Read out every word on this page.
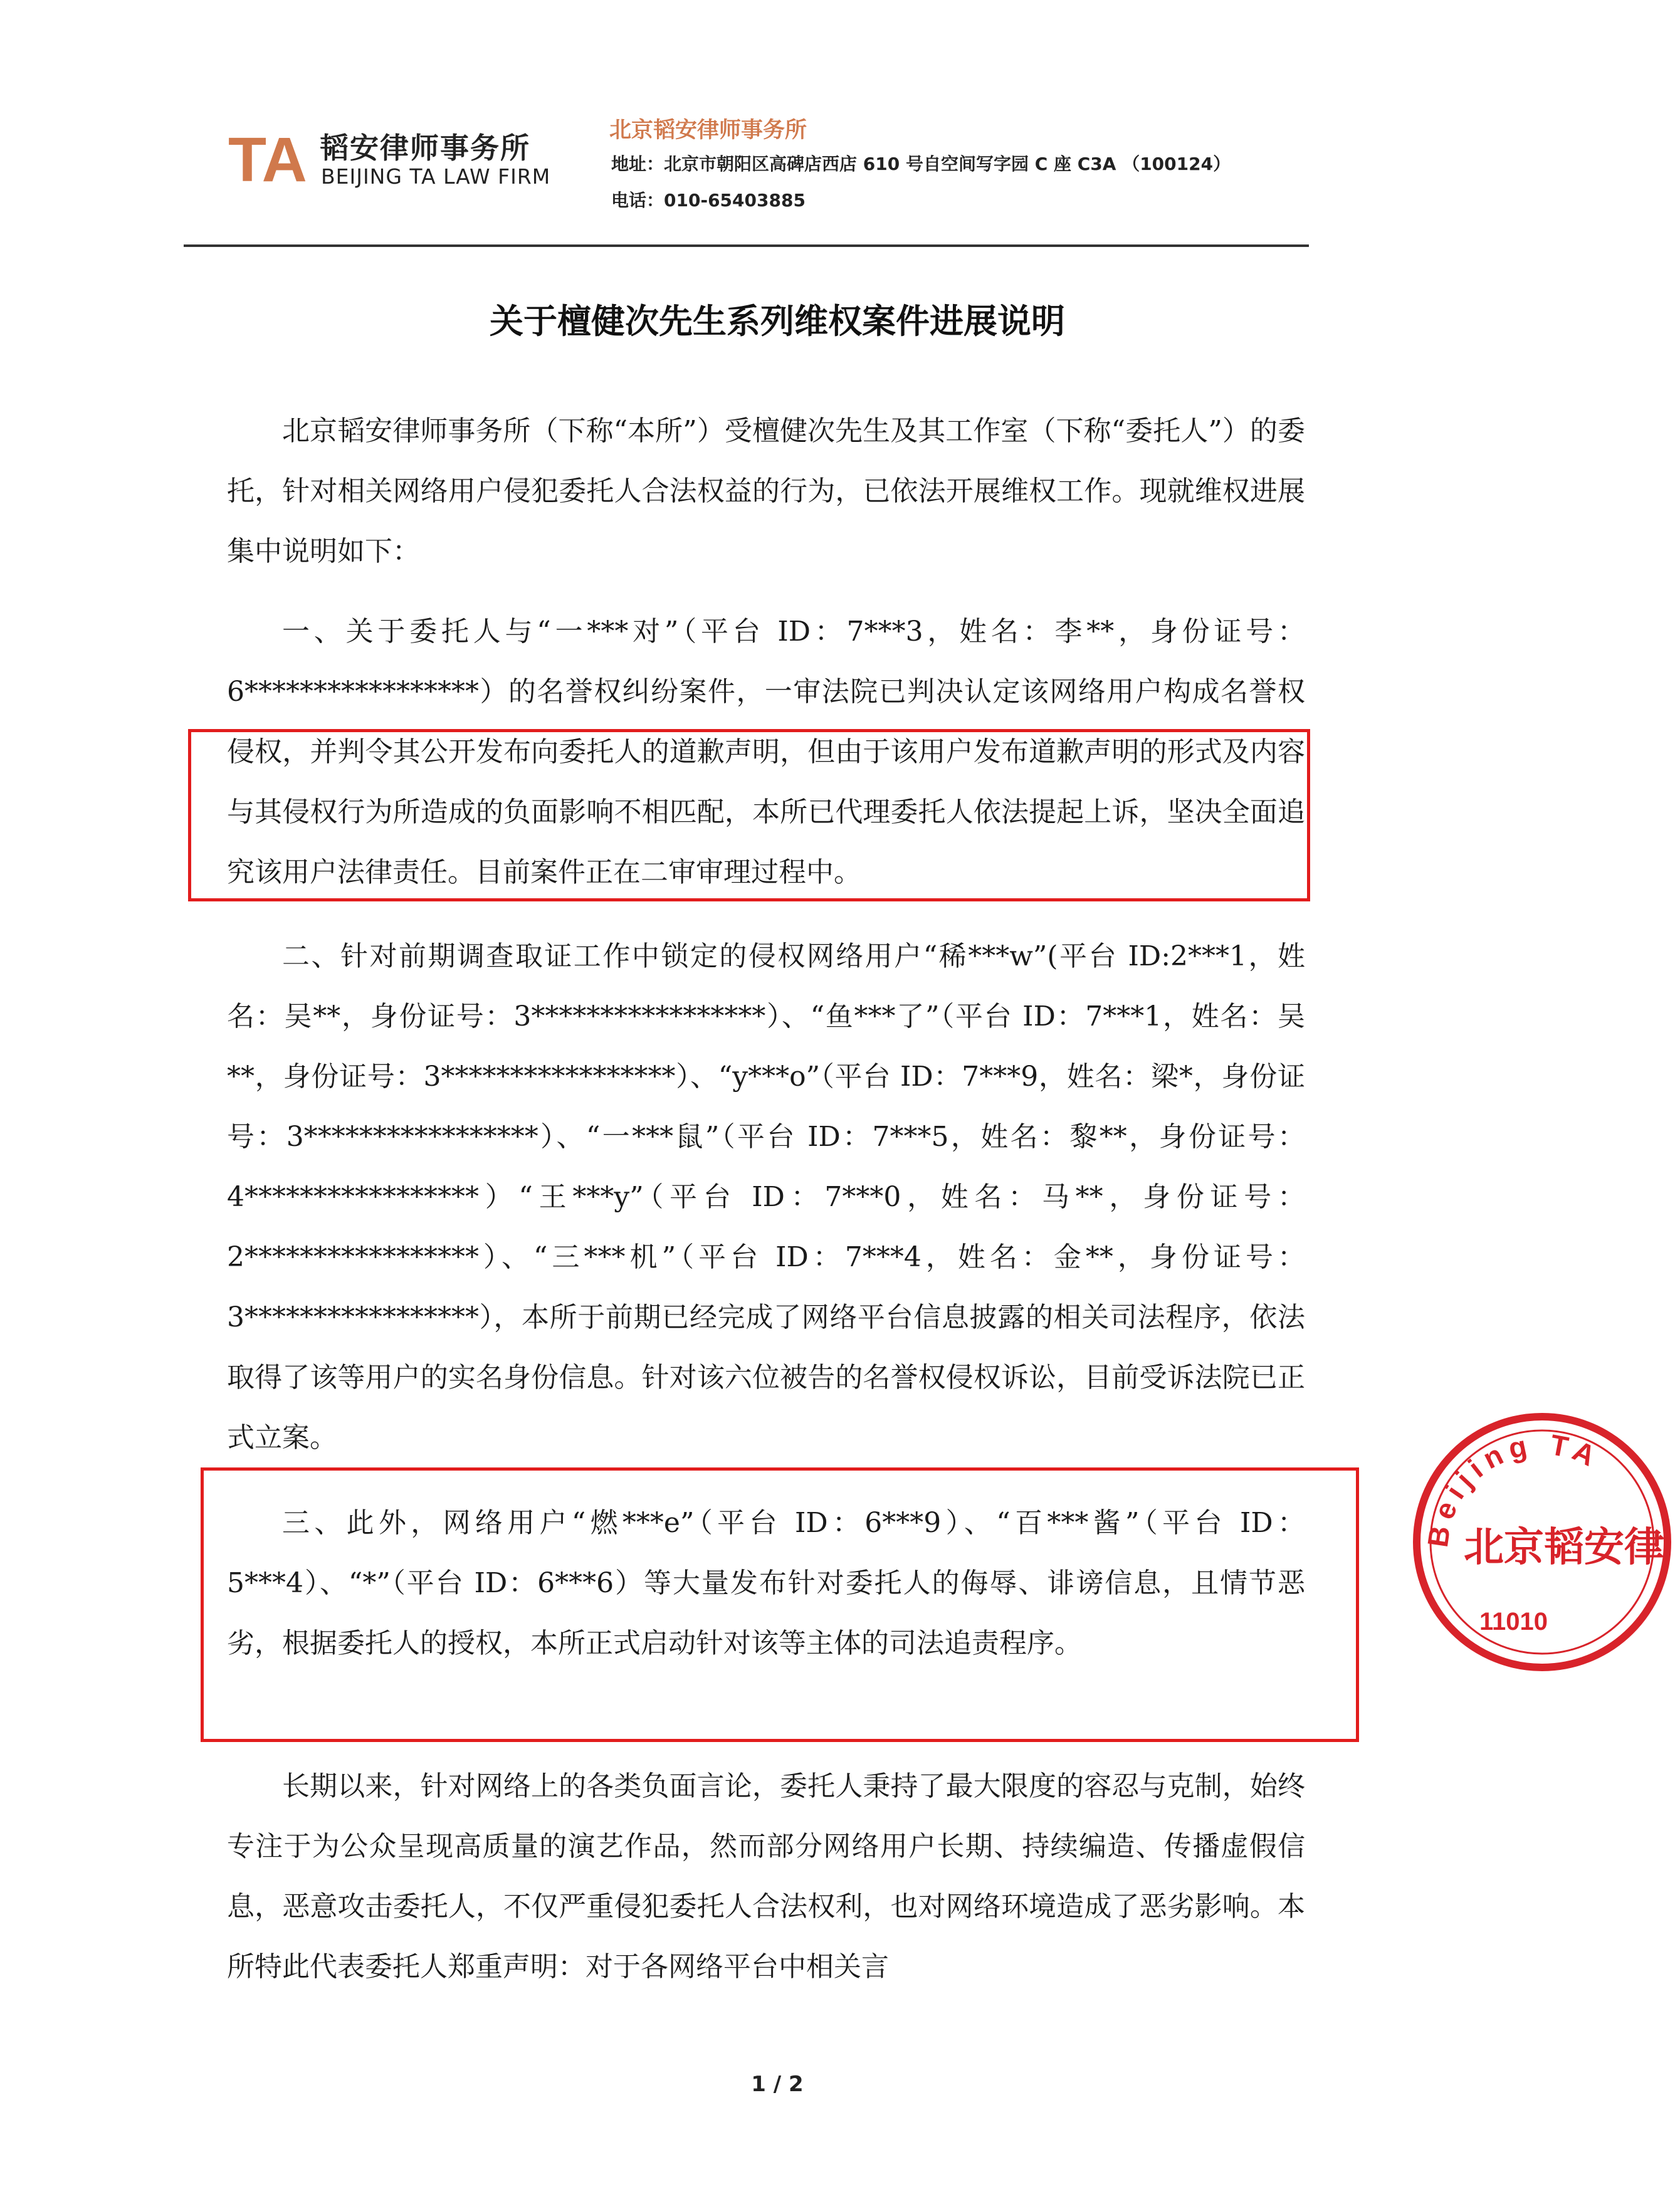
TA 韬安律师事务所
BEIJING TA LAW FIRM
北京韬安律师事务所
地址：北京市朝阳区高碑店西店 610 号自空间写字园 C 座 C3A （100124）
电话：010-65403885
关于檀健次先生系列维权案件进展说明

北京韬安律师事务所（下称“本所”）受檀健次先生及其工作室（下称“委托人”）的委托，针对相关网络用户侵犯委托人合法权益的行为，已依法开展维权工作。现就维权进展集中说明如下：

一、关于委托人与“一***对”（平台 ID：7***3，姓名：李**，身份证号：6*****************）的名誉权纠纷案件，一审法院已判决认定该网络用户构成名誉权侵权，并判令其公开发布向委托人的道歉声明，但由于该用户发布道歉声明的形式及内容与其侵权行为所造成的负面影响不相匹配，本所已代理委托人依法提起上诉，坚决全面追究该用户法律责任。目前案件正在二审审理过程中。

二、针对前期调查取证工作中锁定的侵权网络用户“稀***w”(平台 ID:2***1，姓名：吴**，身份证号：3*****************）、“鱼***了”（平台 ID：7***1，姓名：吴**，身份证号：3*****************）、“y***o”（平台 ID：7***9，姓名：梁*，身份证号：3*****************）、“一***鼠”（平台 ID：7***5，姓名：黎**，身份证号：4*****************）“王***y”（平台 ID：7***0，姓名：马**，身份证号：2*****************）、“三***机”（平台 ID：7***4，姓名：金**，身份证号：3*****************），本所于前期已经完成了网络平台信息披露的相关司法程序，依法取得了该等用户的实名身份信息。针对该六位被告的名誉权侵权诉讼，目前受诉法院已正式立案。

三、此外，网络用户“燃***e”（平台 ID：6***9）、“百***酱”（平台 ID：5***4）、“*”（平台 ID：6***6）等大量发布针对委托人的侮辱、诽谤信息，且情节恶劣，根据委托人的授权，本所正式启动针对该等主体的司法追责程序。

长期以来，针对网络上的各类负面言论，委托人秉持了最大限度的容忍与克制，始终专注于为公众呈现高质量的演艺作品，然而部分网络用户长期、持续编造、传播虚假信息，恶意攻击委托人，不仅严重侵犯委托人合法权利，也对网络环境造成了恶劣影响。本所特此代表委托人郑重声明：对于各网络平台中相关言

1 / 2
Beijing TA
北京韬安律
11010
